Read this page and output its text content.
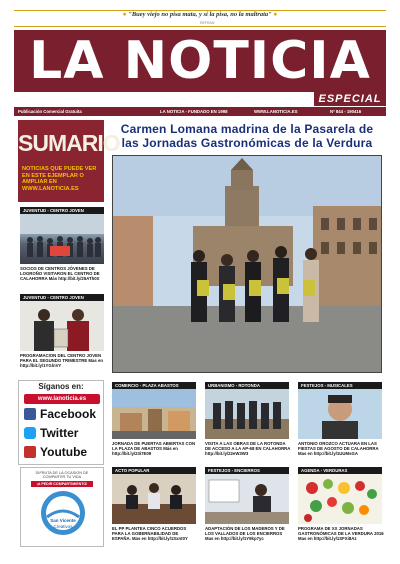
● "Buey viejo no pisa mata, y si la pisa, no la maltrata" ●
REFRAN
LA NOTICIA
ESPECIAL
Publicación Comercial Gratuita	LA NOTICIA - FUNDADO EN 1998	WWW.LANOTICIA.ES	Nº 844 - 190416
SUMARIO
NOTICIAS QUE PUEDE VER EN ESTE EJEMPLAR O AMPLIAR EN WWW.LANOTICIA.ES
JUVENTUD - CENTRO JOVEN
SOCIOS DE CENTROS JÓVENES DE LOGROÑO VISITARON EL CENTRO DE CALAHORRA Más http://bit.ly/25ATh0X
JUVENTUD - CENTRO JOVEN
PROGRAMACION DEL CENTRO JOVEN PARA EL SEGUNDO TRIMESTRE Mas en http://bit.ly/1YGlnVY
Carmen Lomana madrina de la Pasarela de las Jornadas Gastronómicas de la Verdura
Síganos en:
www.lanoticia.es
Facebook
Twitter
Youtube
DIFRUTA DE LA OCASION DE
COMPARTIR TU VIDA
¡A PEDIR COMPARTIMIENTO!
San Vicente
Creativos
COMERCIO - PLAZA ABASTOS
JORNADA DE PUERTAS ABIERTAS CON LA PLAZA DE ABASTOS Más en http://bit.ly/23i7E09
URBANISMO - ROTONDA
VISITA A LAS OBRAS DE LA ROTONDA DE ACCESO A LA AP-68 EN CALAHORRA http://bit.ly/22eW3W3
FESTEJOS - MUSICALES
ANTONIO OROZCO ACTUARA EN LAS FIESTAS DE AGOSTO DE CALAHORRA Mas en http://bit.ly/1UUMsGA
ACTO POPULAR
EL PP PLANTEA CINCO ACUERDOS PARA LA GOBERNABILIDAD DE ESPAÑA. Mas en http://bit.ly/1Sxnt0Y
FESTEJOS - ENCIERROS
ADAPTACIÓN DE LOS MADEROS Y DE LOS VALLADOS DE LOS ENCIERROS Mas en http://bit.ly/1Y9kp7yc
AGENDA - VERDURAS
PROGRAMA DE XX JORNADAS GASTRONÓMICAS DE LA VERDURA 2016 Mas en http://bit.ly/1SFXi8Az
